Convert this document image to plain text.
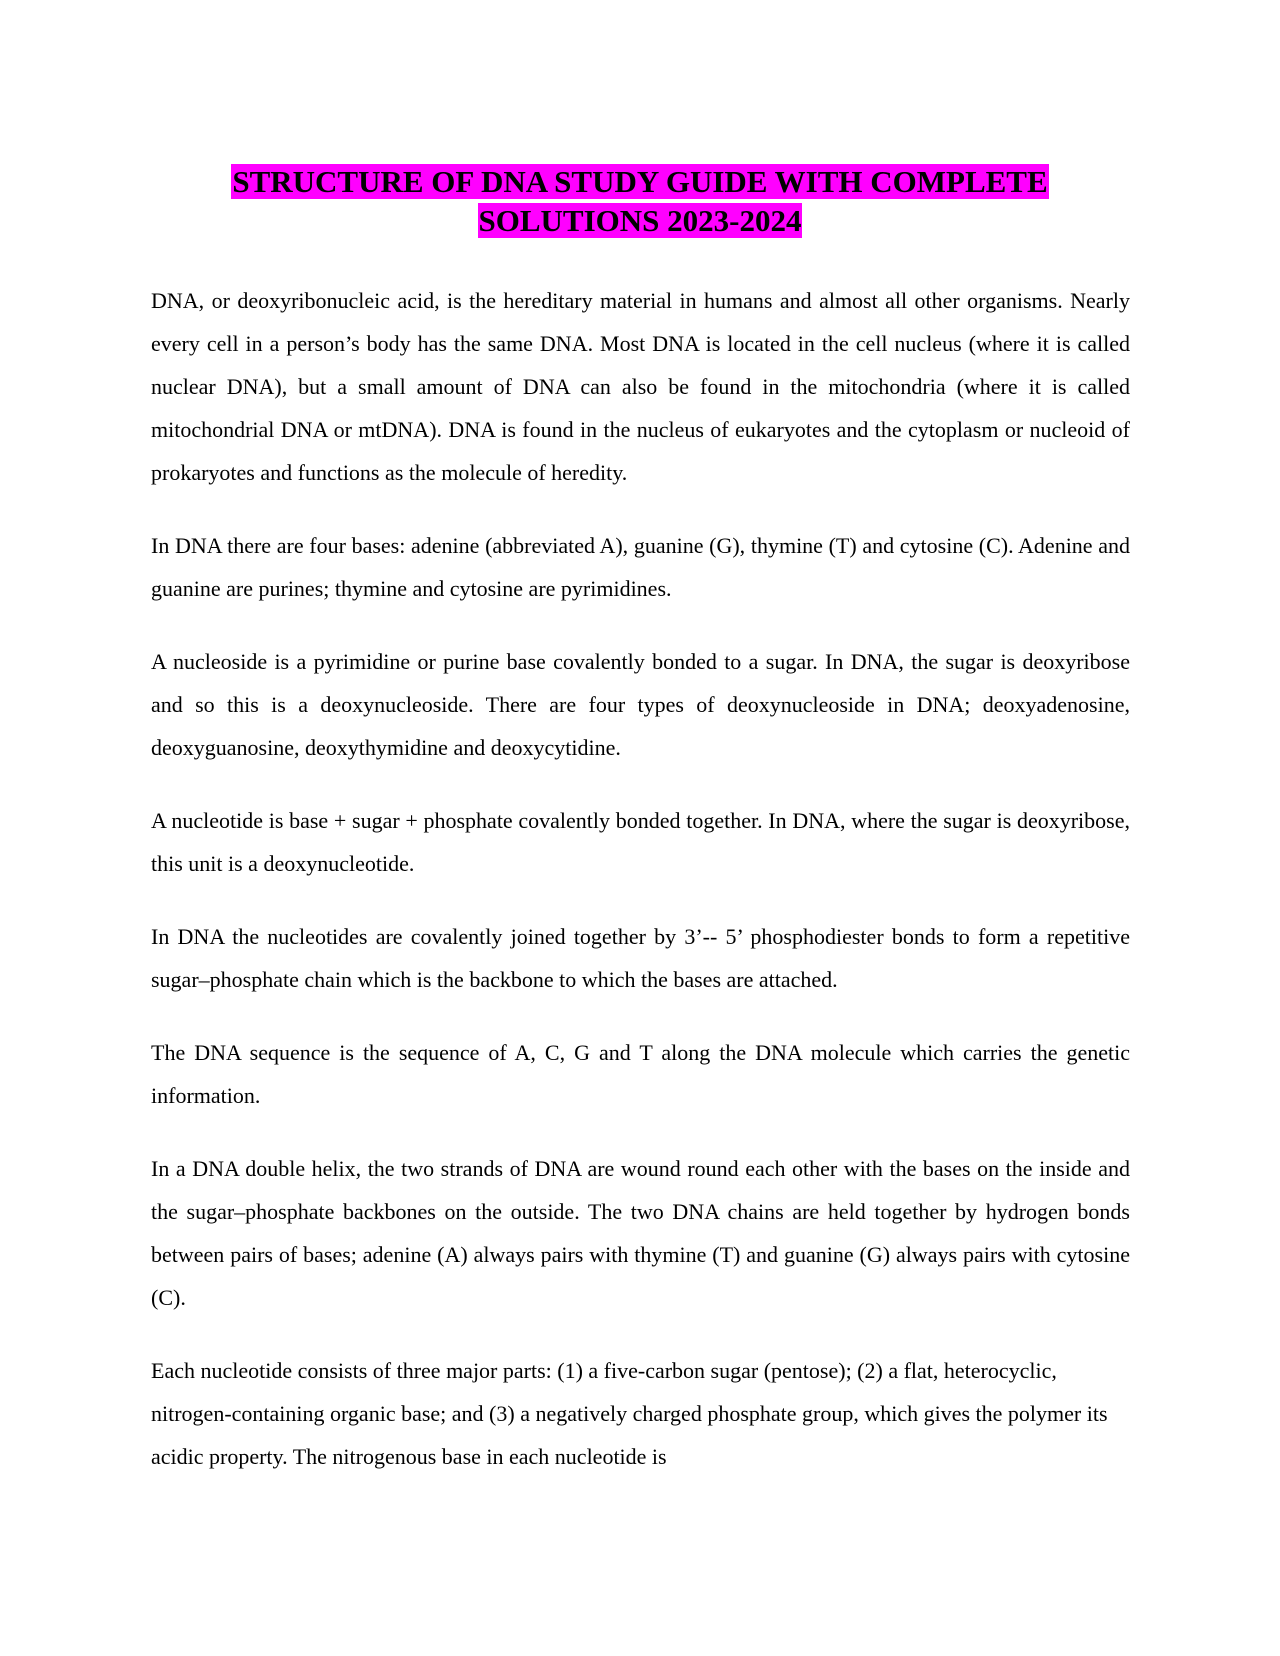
STRUCTURE OF DNA STUDY GUIDE WITH COMPLETE
SOLUTIONS 2023-2024

DNA, or deoxyribonucleic acid, is the hereditary material in humans and almost all other organisms. Nearly every cell in a person’s body has the same DNA. Most DNA is located in the cell nucleus (where it is called nuclear DNA), but a small amount of DNA can also be found in the mitochondria (where it is called mitochondrial DNA or mtDNA). DNA is found in the nucleus of eukaryotes and the cytoplasm or nucleoid of prokaryotes and functions as the molecule of heredity.

In DNA there are four bases: adenine (abbreviated A), guanine (G), thymine (T) and cytosine (C). Adenine and guanine are purines; thymine and cytosine are pyrimidines.

A nucleoside is a pyrimidine or purine base covalently bonded to a sugar. In DNA, the sugar is deoxyribose and so this is a deoxynucleoside. There are four types of deoxynucleoside in DNA; deoxyadenosine, deoxyguanosine, deoxythymidine and deoxycytidine.

A nucleotide is base + sugar + phosphate covalently bonded together. In DNA, where the sugar is deoxyribose, this unit is a deoxynucleotide.

In DNA the nucleotides are covalently joined together by 3’-- 5’ phosphodiester bonds to form a repetitive sugar–phosphate chain which is the backbone to which the bases are attached.

The DNA sequence is the sequence of A, C, G and T along the DNA molecule which carries the genetic information.

In a DNA double helix, the two strands of DNA are wound round each other with the bases on the inside and the sugar–phosphate backbones on the outside. The two DNA chains are held together by hydrogen bonds between pairs of bases; adenine (A) always pairs with thymine (T) and guanine (G) always pairs with cytosine (C).

Each nucleotide consists of three major parts: (1) a five-carbon sugar (pentose); (2) a flat, heterocyclic, nitrogen-containing organic base; and (3) a negatively charged phosphate group, which gives the polymer its acidic property. The nitrogenous base in each nucleotide is
